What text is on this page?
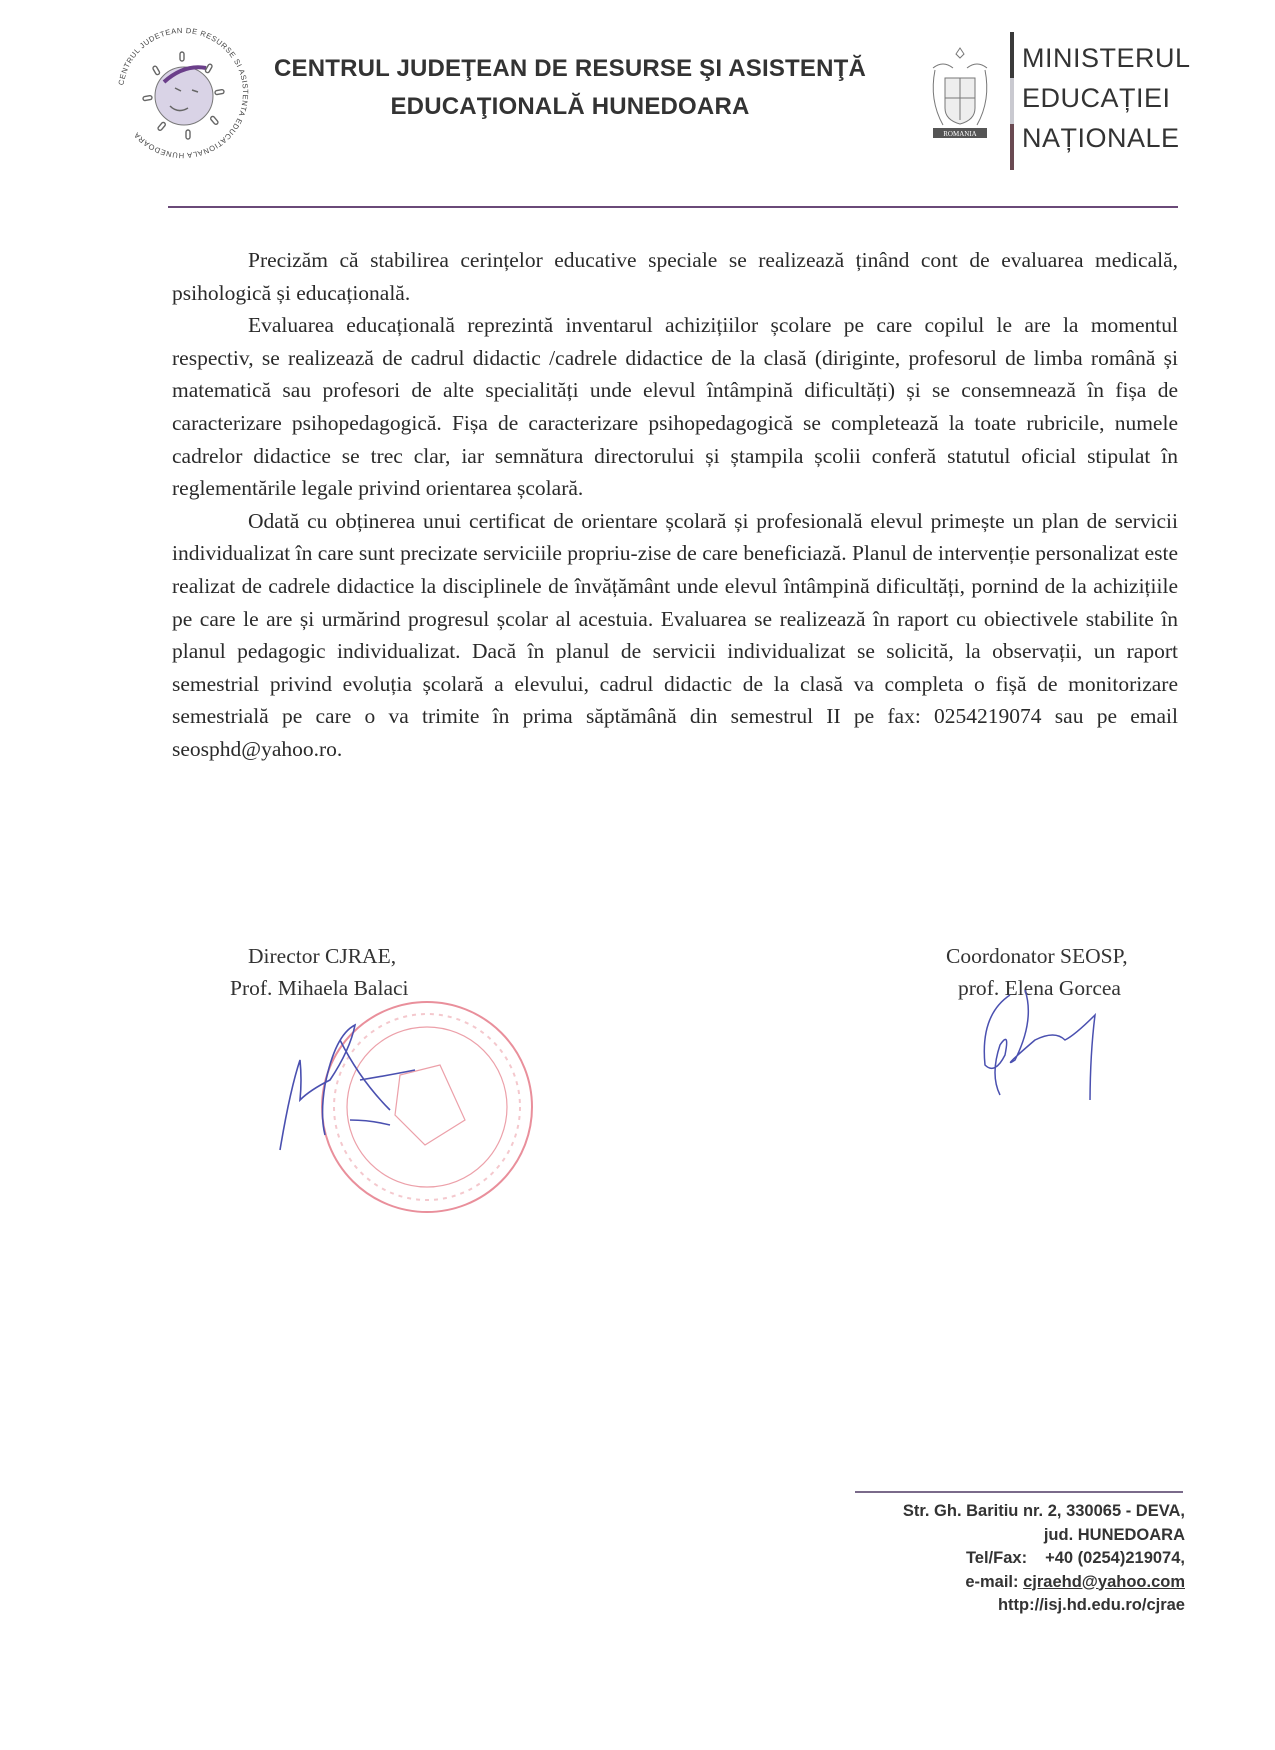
CENTRUL JUDETEAN DE RESURSE SI ASISTENTA EDUCATIONALA HUNEDOARA
CENTRUL JUDEŢEAN DE RESURSE ŞI ASISTENŢĂ
EDUCAŢIONALĂ HUNEDOARA
ROMANIA
MINISTERUL
EDUCAȚIEI
NAȚIONALE

Precizăm că stabilirea cerințelor educative speciale se realizează ținând cont de evaluarea medicală, psihologică și educațională.

Evaluarea educațională reprezintă inventarul achizițiilor școlare pe care copilul le are la momentul respectiv, se realizează de cadrul didactic /cadrele didactice de la clasă (diriginte, profesorul de limba română și matematică sau profesori de alte specialități unde elevul întâmpină dificultăți) și se consemnează în fișa de caracterizare psihopedagogică. Fișa de caracterizare psihopedagogică se completează la toate rubricile, numele cadrelor didactice se trec clar, iar semnătura directorului și ștampila școlii conferă statutul oficial stipulat în reglementările legale privind orientarea școlară.

Odată cu obținerea unui certificat de orientare școlară și profesională elevul primește un plan de servicii individualizat în care sunt precizate serviciile propriu-zise de care beneficiază. Planul de intervenție personalizat este realizat de cadrele didactice la disciplinele de învățământ unde elevul întâmpină dificultăți, pornind de la achizițiile pe care le are și urmărind progresul școlar al acestuia. Evaluarea se realizează în raport cu obiectivele stabilite în planul pedagogic individualizat. Dacă în planul de servicii individualizat se solicită, la observații, un raport semestrial privind evoluția școlară a elevului, cadrul didactic de la clasă va completa o fișă de monitorizare semestrială pe care o va trimite în prima săptămână din semestrul II pe fax: 0254219074 sau pe email seosphd@yahoo.ro.

Director CJRAE,
Prof. Mihaela Balaci
Coordonator SEOSP,
prof. Elena Gorcea
Str. Gh. Baritiu nr. 2, 330065 - DEVA,
jud. HUNEDOARA
Tel/Fax: +40 (0254)219074,
e-mail: cjraehd@yahoo.com
http://isj.hd.edu.ro/cjrae
